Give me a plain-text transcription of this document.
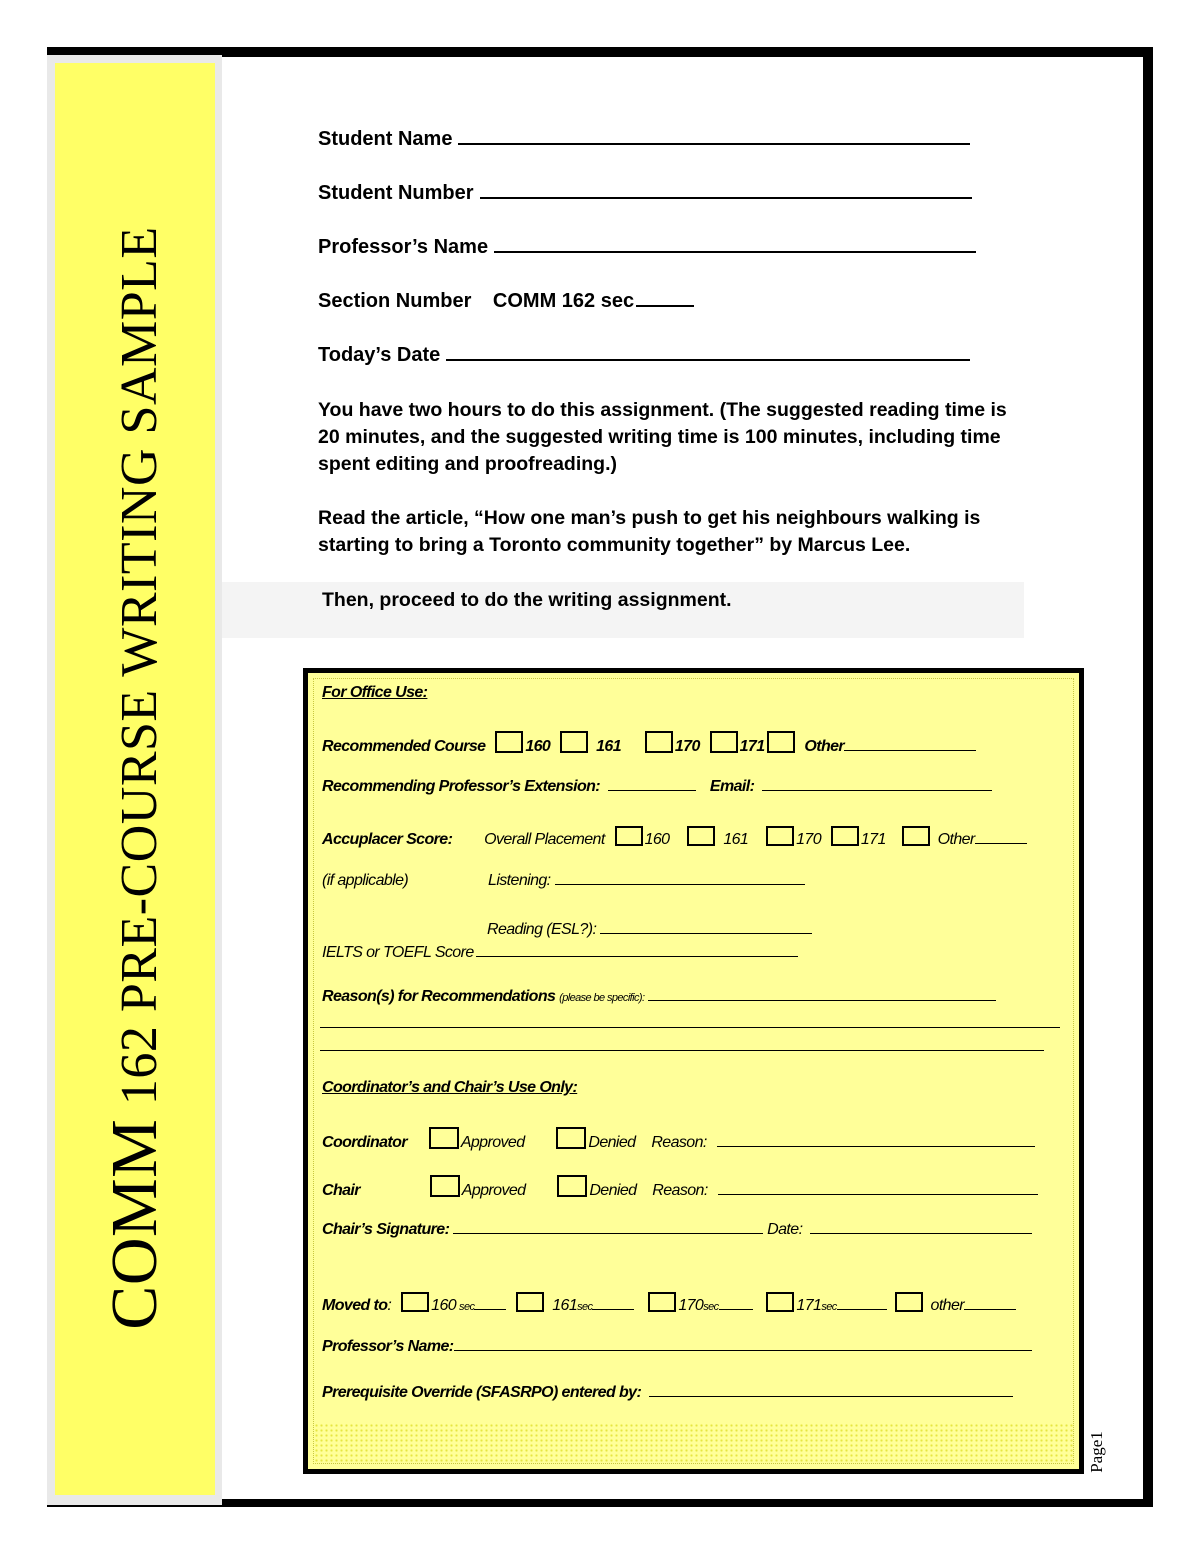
COMM 162 PRE-COURSE WRITING SAMPLE
Student Name
Student Number
Professor’s Name
Section Number COMM 162 sec
Today’s Date
You have two hours to do this assignment. (The suggested reading time is 20 minutes, and the suggested writing time is 100 minutes, including time spent editing and proofreading.)
Read the article, “How one man’s push to get his neighbours walking is starting to bring a Toronto community together” by Marcus Lee.
Then, proceed to do the writing assignment.
For Office Use:
Recommended Course 160	161	170 171 Other
Recommending Professor’s Extension:	Email:
Accuplacer Score: Overall Placement 160	161	170 171	Other
(if applicable)	Listening:
Reading (ESL?):
IELTS or TOEFL Score
Reason(s) for Recommendations (please be specific):
Coordinator’s and Chair’s Use Only:
Coordinator	Approved	Denied Reason:
Chair	Approved	Denied Reason:
Chair’s Signature:	Date:
Moved to: 160 sec	161sec	170sec	171sec	other
Professor’s Name:
Prerequisite Override (SFASRPO) entered by:
Page1
